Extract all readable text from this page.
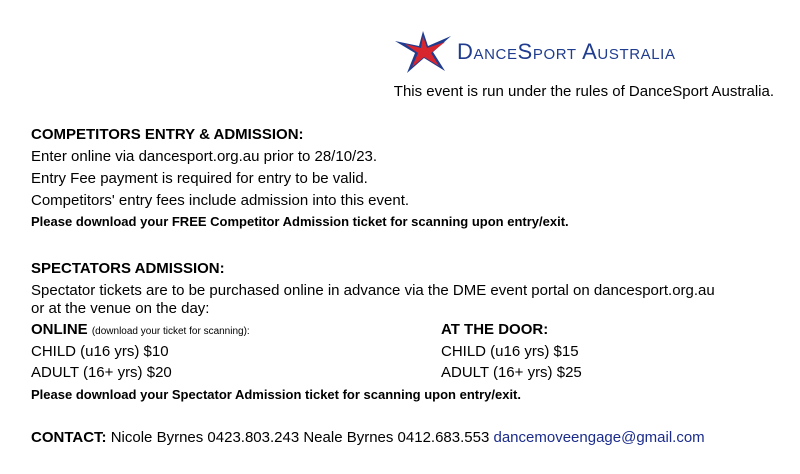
DanceSport Australia
This event is run under the rules of DanceSport Australia.
COMPETITORS ENTRY & ADMISSION:
Enter online via dancesport.org.au prior to 28/10/23.
Entry Fee payment is required for entry to be valid.
Competitors' entry fees include admission into this event.
Please download your FREE Competitor Admission ticket for scanning upon entry/exit.
SPECTATORS ADMISSION:
Spectator tickets are to be purchased online in advance via the DME event portal on dancesport.org.au
or at the venue on the day:
ONLINE (download your ticket for scanning):	AT THE DOOR:
CHILD (u16 yrs) $10	CHILD (u16 yrs) $15
ADULT (16+ yrs) $20	ADULT (16+ yrs) $25
Please download your Spectator Admission ticket for scanning upon entry/exit.
CONTACT: Nicole Byrnes 0423.803.243 Neale Byrnes 0412.683.553 dancemoveengage@gmail.com
